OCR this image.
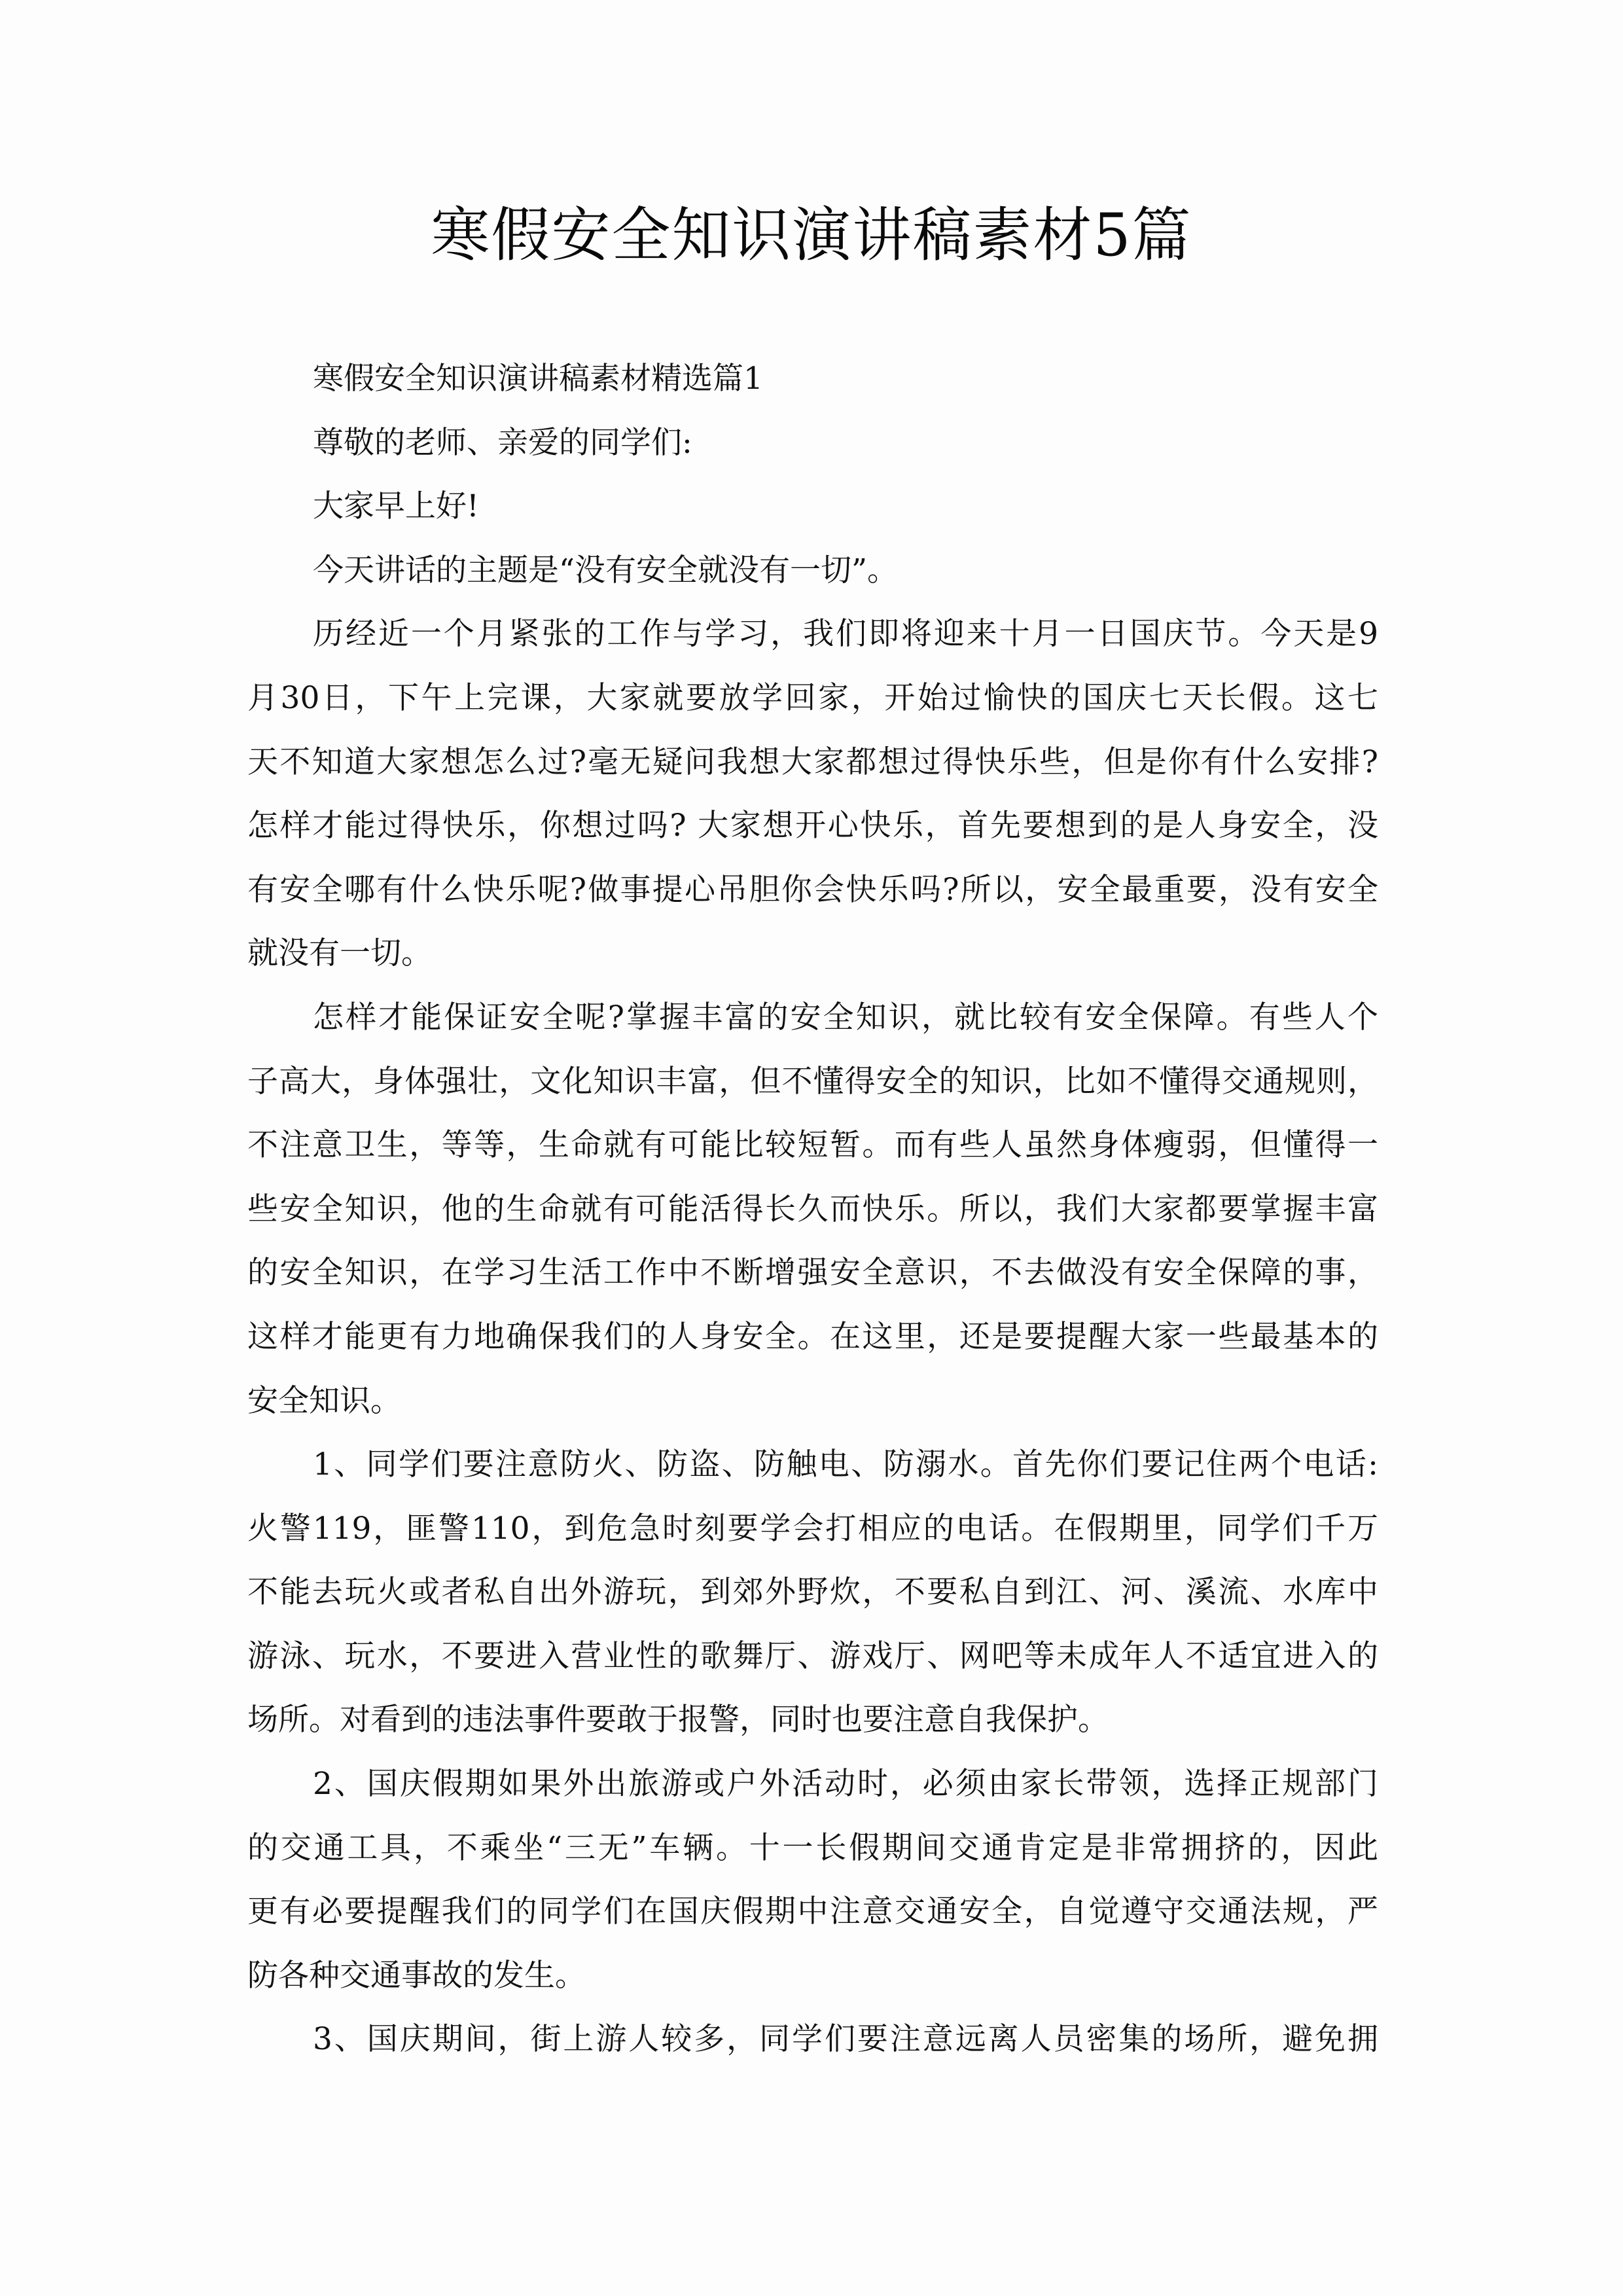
寒假安全知识演讲稿素材5篇
寒假安全知识演讲稿素材精选篇1
尊敬的老师、亲爱的同学们:
大家早上好!
今天讲话的主题是“没有安全就没有一切”。
历经近一个月紧张的工作与学习，我们即将迎来十月一日国庆节。今天是9
月30日，下午上完课，大家就要放学回家，开始过愉快的国庆七天长假。这七
天不知道大家想怎么过?毫无疑问我想大家都想过得快乐些，但是你有什么安排?
怎样才能过得快乐，你想过吗? 大家想开心快乐，首先要想到的是人身安全，没
有安全哪有什么快乐呢?做事提心吊胆你会快乐吗?所以，安全最重要，没有安全
就没有一切。
怎样才能保证安全呢?掌握丰富的安全知识，就比较有安全保障。有些人个
子高大，身体强壮，文化知识丰富，但不懂得安全的知识，比如不懂得交通规则，
不注意卫生，等等，生命就有可能比较短暂。而有些人虽然身体瘦弱，但懂得一
些安全知识，他的生命就有可能活得长久而快乐。所以，我们大家都要掌握丰富
的安全知识，在学习生活工作中不断增强安全意识，不去做没有安全保障的事，
这样才能更有力地确保我们的人身安全。在这里，还是要提醒大家一些最基本的
安全知识。
1、同学们要注意防火、防盗、防触电、防溺水。首先你们要记住两个电话:
火警119，匪警110，到危急时刻要学会打相应的电话。在假期里，同学们千万
不能去玩火或者私自出外游玩，到郊外野炊，不要私自到江、河、溪流、水库中
游泳、玩水，不要进入营业性的歌舞厅、游戏厅、网吧等未成年人不适宜进入的
场所。对看到的违法事件要敢于报警，同时也要注意自我保护。
2、国庆假期如果外出旅游或户外活动时，必须由家长带领，选择正规部门
的交通工具，不乘坐“三无”车辆。十一长假期间交通肯定是非常拥挤的，因此
更有必要提醒我们的同学们在国庆假期中注意交通安全，自觉遵守交通法规，严
防各种交通事故的发生。
3、国庆期间，街上游人较多，同学们要注意远离人员密集的场所，避免拥
